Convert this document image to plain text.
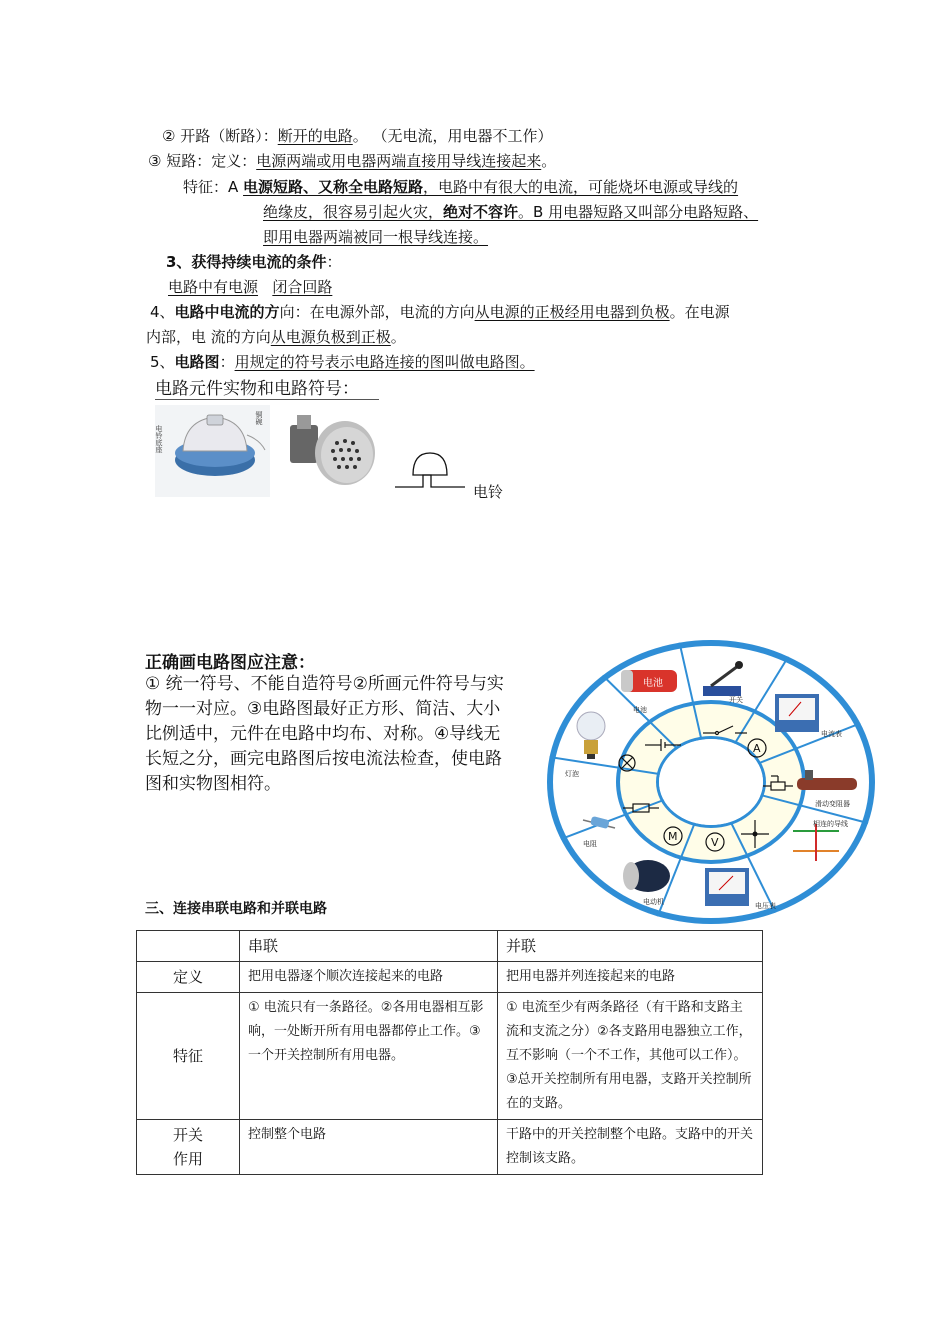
② 开路（断路）：断开的电路。 （无电流，用电器不工作）
③ 短路：定义：电源两端或用电器两端直接用导线连接起来。
特征：A 电源短路、又称全电路短路，电路中有很大的电流，可能烧坏电源或导线的
绝缘皮，很容易引起火灾，绝对不容许。B 用电器短路又叫部分电路短路、
即用电器两端被同一根导线连接。
3、获得持续电流的条件：
电路中有电源 闭合回路
4、电路中电流的方向：在电源外部，电流的方向从电源的正极经用电器到负极。在电源
内部，电 流的方向从电源负极到正极。
5、电路图：用规定的符号表示电路连接的图叫做电路图。
电路元件实物和电路符号：
电铃底座
铜碗
电铃
正确画电路图应注意：
① 统一符号、不能自造符号②所画元件符号与实物一一对应。③电路图最好正方形、简洁、大小比例适中，元件在电路中均布、对称。④导线无长短之分，画完电路图后按电流法检查，使电路图和实物图相符。
电池
电池
开关
电流表
滑动变阻器
相连的导线
电压表
电动机
电阻
灯泡
A
V
M
三、连接串联电路和并联电路
	串联	并联
定义	把用电器逐个顺次连接起来的电路	把用电器并列连接起来的电路
特征	① 电流只有一条路径。②各用电器相互影响，一处断开所有用电器都停止工作。③一个开关控制所有用电器。	① 电流至少有两条路径（有干路和支路主流和支流之分）②各支路用电器独立工作，互不影响（一个不工作，其他可以工作）。③总开关控制所有用电器，支路开关控制所在的支路。
开关
作用	控制整个电路	干路中的开关控制整个电路。支路中的开关控制该支路。
